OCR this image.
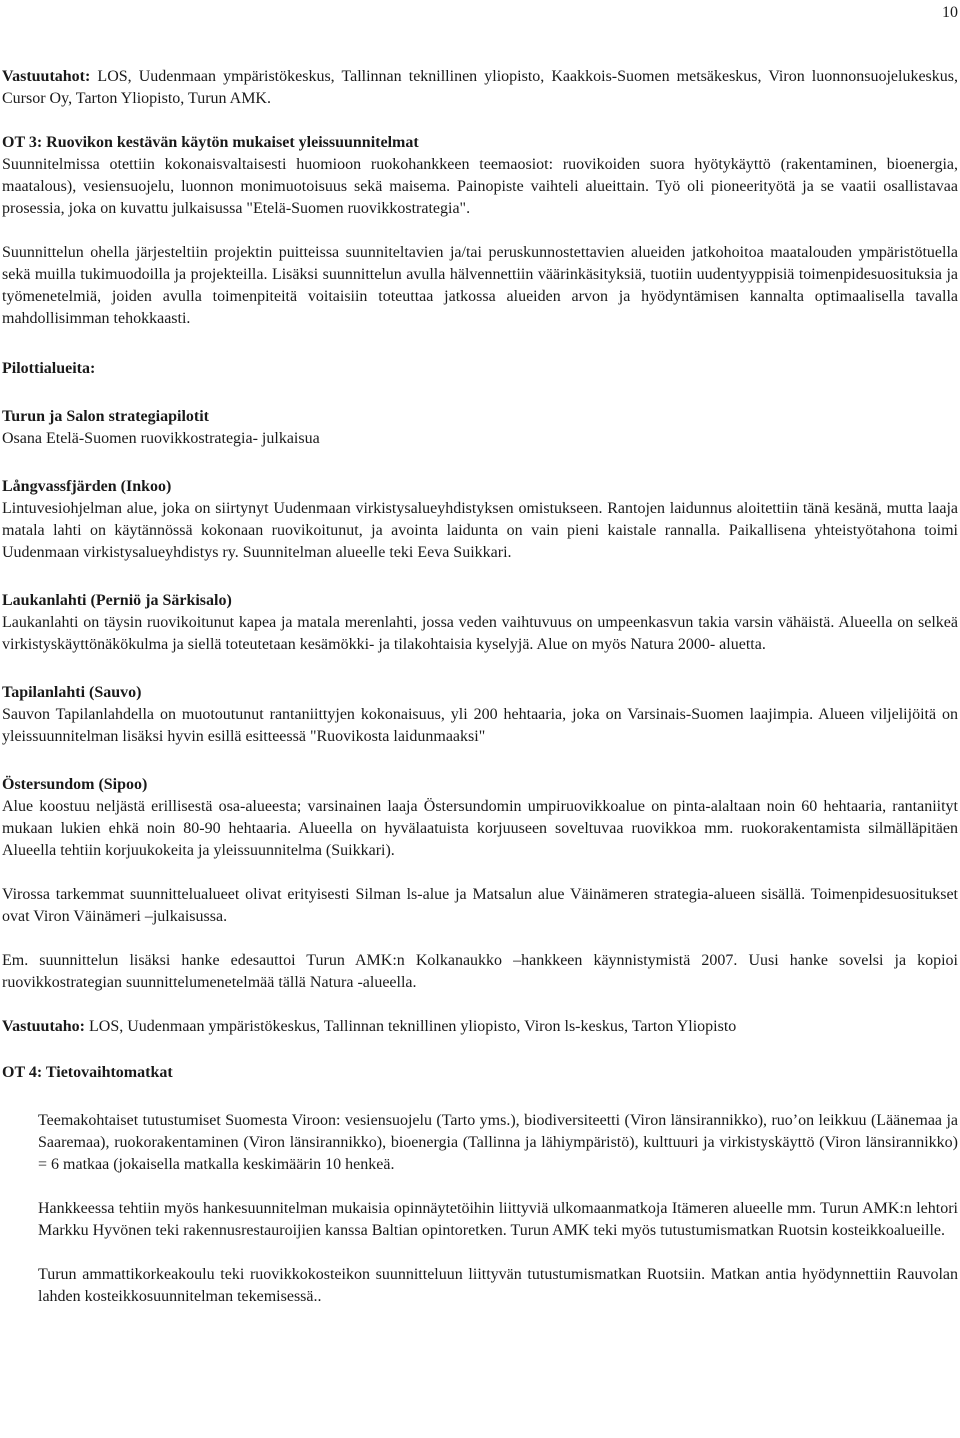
10

Vastuutahot: LOS, Uudenmaan ympäristökeskus, Tallinnan teknillinen yliopisto, Kaakkois-Suomen metsäkeskus, Viron luonnonsuojelukeskus, Cursor Oy, Tarton Yliopisto, Turun AMK.

OT 3: Ruovikon kestävän käytön mukaiset yleissuunnitelmat

Suunnitelmissa otettiin kokonaisvaltaisesti huomioon ruokohankkeen teemaosiot: ruovikoiden suora hyötykäyttö (rakentaminen, bioenergia, maatalous), vesiensuojelu, luonnon monimuotoisuus sekä maisema. Painopiste vaihteli alueittain. Työ oli pioneerityötä ja se vaatii osallistavaa prosessia, joka on kuvattu julkaisussa "Etelä-Suomen ruovikkostrategia".

Suunnittelun ohella järjesteltiin projektin puitteissa suunniteltavien ja/tai peruskunnostettavien alueiden jatkohoitoa maatalouden ympäristötuella sekä muilla tukimuodoilla ja projekteilla. Lisäksi suunnittelun avulla hälvennettiin väärinkäsityksiä, tuotiin uudentyyppisiä toimenpidesuosituksia ja työmenetelmiä, joiden avulla toimenpiteitä voitaisiin toteuttaa jatkossa alueiden arvon ja hyödyntämisen kannalta optimaalisella tavalla mahdollisimman tehokkaasti.

Pilottialueita:

Turun ja Salon strategiapilotit

Osana Etelä-Suomen ruovikkostrategia- julkaisua

Långvassfjärden (Inkoo)

Lintuvesiohjelman alue, joka on siirtynyt Uudenmaan virkistysalueyhdistyksen omistukseen. Rantojen laidunnus aloitettiin tänä kesänä, mutta laaja matala lahti on käytännössä kokonaan ruovikoitunut, ja avointa laidunta on vain pieni kaistale rannalla. Paikallisena yhteistyötahona toimi Uudenmaan virkistysalueyhdistys ry. Suunnitelman alueelle teki Eeva Suikkari.

Laukanlahti (Perniö ja Särkisalo)

Laukanlahti on täysin ruovikoitunut kapea ja matala merenlahti, jossa veden vaihtuvuus on umpeenkasvun takia varsin vähäistä. Alueella on selkeä virkistyskäyttönäkökulma ja siellä toteutetaan kesämökki- ja tilakohtaisia kyselyjä. Alue on myös Natura 2000- aluetta.

Tapilanlahti (Sauvo)

Sauvon Tapilanlahdella on muotoutunut rantaniittyjen kokonaisuus, yli 200 hehtaaria, joka on Varsinais-Suomen laajimpia. Alueen viljelijöitä on yleissuunnitelman lisäksi hyvin esillä esitteessä "Ruovikosta laidunmaaksi"

Östersundom (Sipoo)

Alue koostuu neljästä erillisestä osa-alueesta; varsinainen laaja Östersundomin umpiruovikkoalue on pinta-alaltaan noin 60 hehtaaria, rantaniityt mukaan lukien ehkä noin 80-90 hehtaaria. Alueella on hyvälaatuista korjuuseen soveltuvaa ruovikkoa mm. ruokorakentamista silmälläpitäen Alueella tehtiin korjuukokeita ja yleissuunnitelma (Suikkari).

Virossa tarkemmat suunnittelualueet olivat erityisesti Silman ls-alue ja Matsalun alue Väinämeren strategia-alueen sisällä. Toimenpidesuositukset ovat Viron Väinämeri –julkaisussa.

Em. suunnittelun lisäksi hanke edesauttoi Turun AMK:n Kolkanaukko –hankkeen käynnistymistä 2007. Uusi hanke sovelsi ja kopioi ruovikkostrategian suunnittelumenetelmää tällä Natura -alueella.

Vastuutaho: LOS, Uudenmaan ympäristökeskus, Tallinnan teknillinen yliopisto, Viron ls-keskus, Tarton Yliopisto

OT 4: Tietovaihtomatkat

Teemakohtaiset tutustumiset Suomesta Viroon: vesiensuojelu (Tarto yms.), biodiversiteetti (Viron länsirannikko), ruo’on leikkuu (Läänemaa ja Saaremaa), ruokorakentaminen (Viron länsirannikko), bioenergia (Tallinna ja lähiympäristö), kulttuuri ja virkistyskäyttö (Viron länsirannikko) = 6 matkaa (jokaisella matkalla keskimäärin 10 henkeä.

Hankkeessa tehtiin myös hankesuunnitelman mukaisia opinnäytetöihin liittyviä ulkomaanmatkoja Itämeren alueelle mm. Turun AMK:n lehtori Markku Hyvönen teki rakennusrestauroijien kanssa Baltian opintoretken. Turun AMK teki myös tutustumismatkan Ruotsin kosteikkoalueille.

Turun ammattikorkeakoulu teki ruovikkokosteikon suunnitteluun liittyvän tutustumismatkan Ruotsiin. Matkan antia hyödynnettiin Rauvolan lahden kosteikkosuunnitelman tekemisessä..
